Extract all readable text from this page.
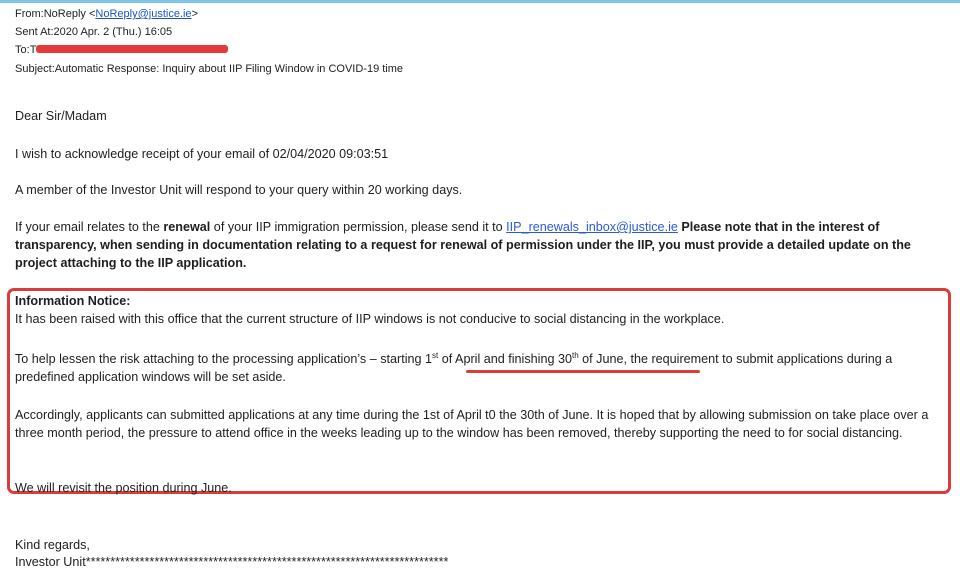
From:NoReply <NoReply@justice.ie>
Sent At:2020 Apr. 2 (Thu.) 16:05
To:T
Subject:Automatic Response: Inquiry about IIP Filing Window in COVID-19 time
Dear Sir/Madam
I wish to acknowledge receipt of your email of 02/04/2020 09:03:51
A member of the Investor Unit will respond to your query within 20 working days.
If your email relates to the renewal of your IIP immigration permission, please send it to IIP_renewals_inbox@justice.ie Please note that in the interest of transparency, when sending in documentation relating to a request for renewal of permission under the IIP, you must provide a detailed update on the project attaching to the IIP application.
Information Notice:
It has been raised with this office that the current structure of IIP windows is not conducive to social distancing in the workplace.
To help lessen the risk attaching to the processing application’s – starting 1st of April and finishing 30th of June, the requirement to submit applications during a predefined application windows will be set aside.
Accordingly, applicants can submitted applications at any time during the 1st of April t0 the 30th of June. It is hoped that by allowing submission on take place over a three month period, the pressure to attend office in the weeks leading up to the window has been removed, thereby supporting the need to for social distancing.
We will revisit the position during June.
Kind regards,
Investor Unit**************************************************************************
